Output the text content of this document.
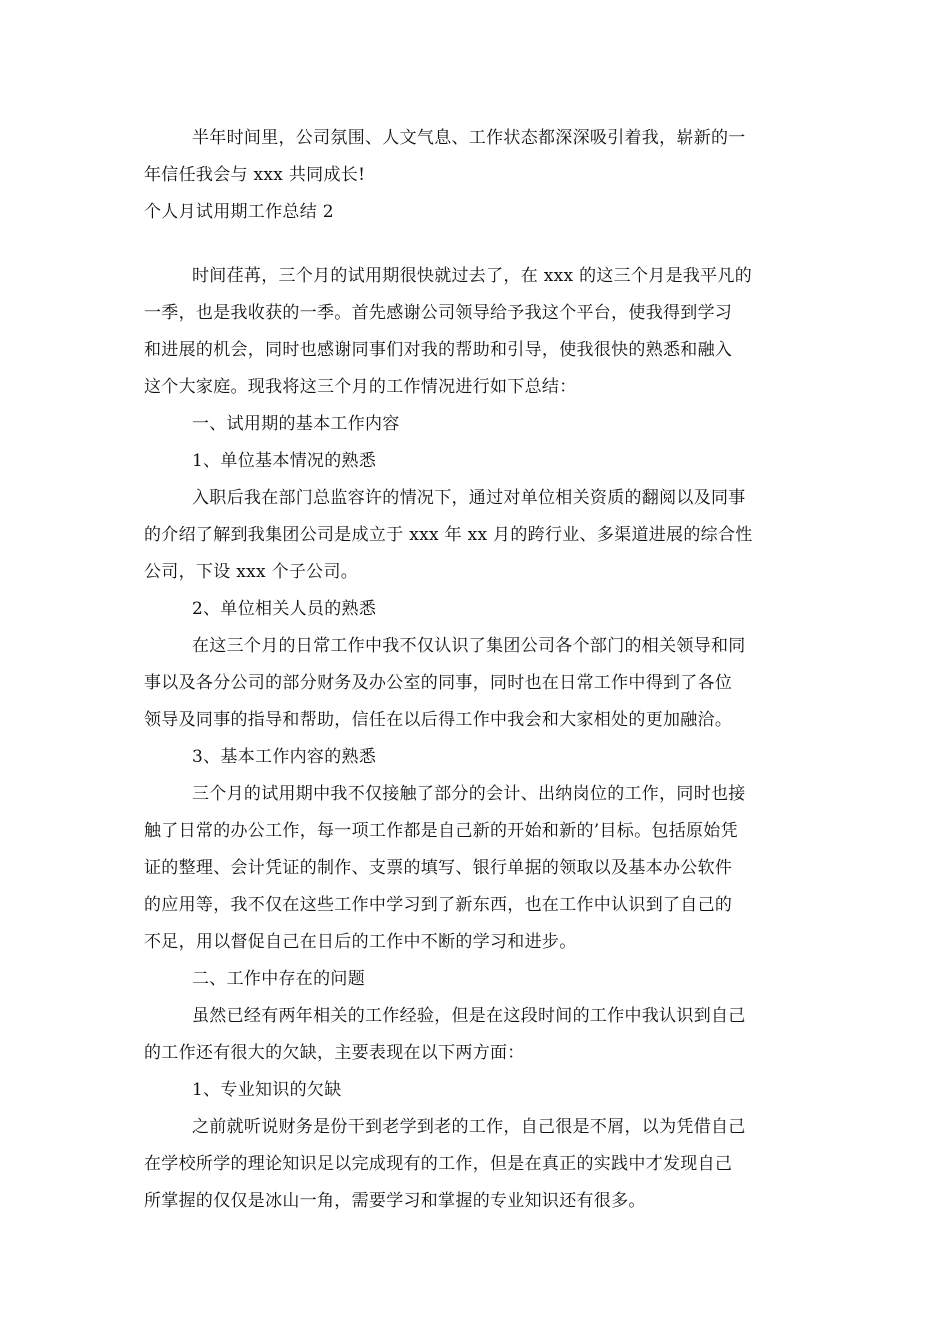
半年时间里，公司氛围、人文气息、工作状态都深深吸引着我，崭新的一
年信任我会与 xxx 共同成长!
个人月试用期工作总结 2
时间荏苒，三个月的试用期很快就过去了，在 xxx 的这三个月是我平凡的
一季，也是我收获的一季。首先感谢公司领导给予我这个平台，使我得到学习
和进展的机会，同时也感谢同事们对我的帮助和引导，使我很快的熟悉和融入
这个大家庭。现我将这三个月的工作情况进行如下总结：
一、试用期的基本工作内容
1、单位基本情况的熟悉
入职后我在部门总监容许的情况下，通过对单位相关资质的翻阅以及同事
的介绍了解到我集团公司是成立于 xxx 年 xx 月的跨行业、多渠道进展的综合性
公司，下设 xxx 个子公司。
2、单位相关人员的熟悉
在这三个月的日常工作中我不仅认识了集团公司各个部门的相关领导和同
事以及各分公司的部分财务及办公室的同事，同时也在日常工作中得到了各位
领导及同事的指导和帮助，信任在以后得工作中我会和大家相处的更加融洽。
3、基本工作内容的熟悉
三个月的试用期中我不仅接触了部分的会计、出纳岗位的工作，同时也接
触了日常的办公工作，每一项工作都是自己新的开始和新的’目标。包括原始凭
证的整理、会计凭证的制作、支票的填写、银行单据的领取以及基本办公软件
的应用等，我不仅在这些工作中学习到了新东西，也在工作中认识到了自己的
不足，用以督促自己在日后的工作中不断的学习和进步。
二、工作中存在的问题
虽然已经有两年相关的工作经验，但是在这段时间的工作中我认识到自己
的工作还有很大的欠缺，主要表现在以下两方面：
1、专业知识的欠缺
之前就听说财务是份干到老学到老的工作，自己很是不屑，以为凭借自己
在学校所学的理论知识足以完成现有的工作，但是在真正的实践中才发现自己
所掌握的仅仅是冰山一角，需要学习和掌握的专业知识还有很多。
